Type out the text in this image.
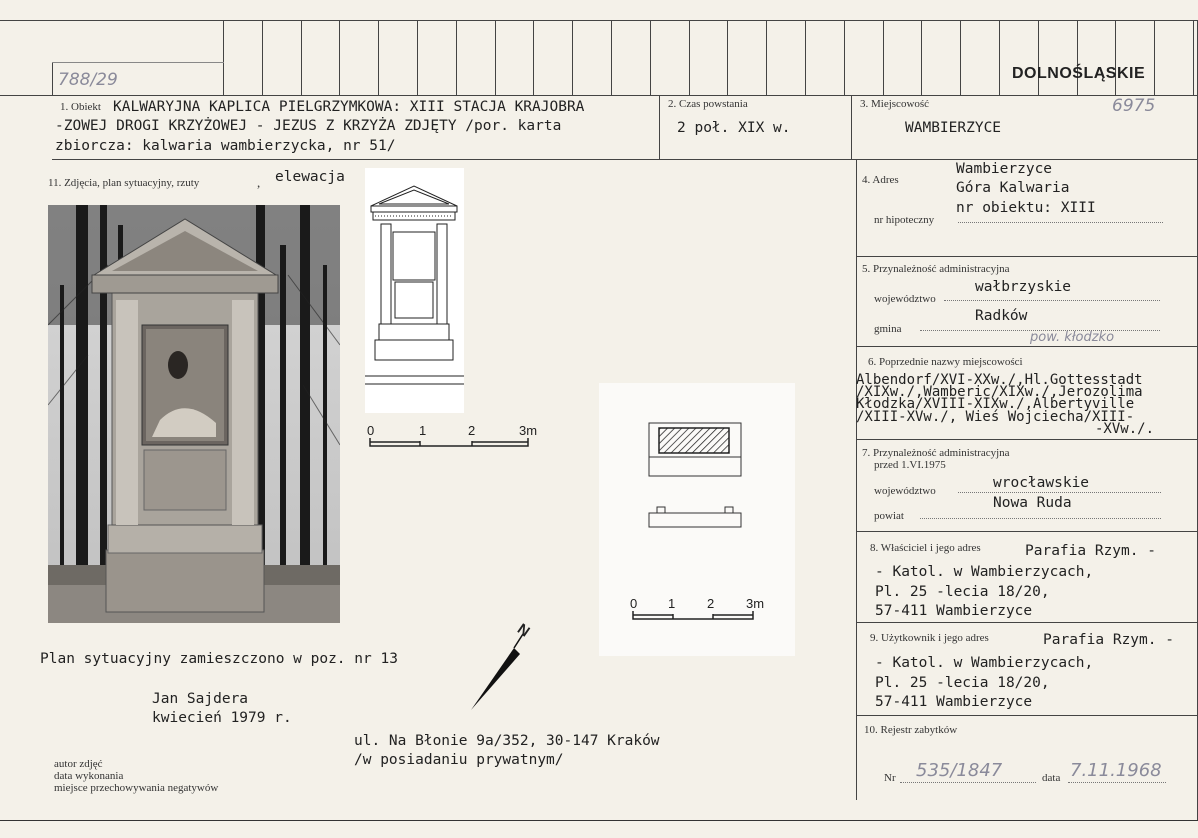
788/29	DOLNOŚLĄSKIE
1. Obiekt KALWARYJNA KAPLICA PIELGRZYMKOWA: XIII STACJA KRAJOBRA
-ZOWEJ DROGI KRZYŻOWEJ - JEZUS Z KRZYŻA ZDJĘTY /por. karta
zbiorcza: kalwaria wambierzycka, nr 51/
2. Czas powstania
2 poł. XIX w.
3. Miejscowość
WAMBIERZYCE
6975
4. Adres
Wambierzyce
Góra Kalwaria
nr obiektu: XIII
nr hipoteczny
5. Przynależność administracyjna
województwo
wałbrzyskie
gmina
Radków
pow. kłodzko
6. Poprzednie nazwy miejscowości
Albendorf/XVI-XXw./,Hl.Gottesstadt
/XIXw./,Wamberic/XIXw./,Jerozolima
Kłodzka/XVIII-XIXw./,Albertyville
/XIII-XVw./, Wieś Wojciecha/XIII-
-XVw./.
7. Przynależność administracyjna
przed 1.VI.1975
województwo	wrocławskie
powiat
Nowa Ruda
8. Właściciel i jego adres	Parafia Rzym. -
- Katol. w Wambierzycach,
Pl. 25 -lecia 18/20,
57-411 Wambierzyce
9. Użytkownik i jego adres	Parafia Rzym. -
- Katol. w Wambierzycach,
Pl. 25 -lecia 18/20,
57-411 Wambierzyce
10. Rejestr zabytków
Nr 535/1847	data 7.11.1968
11. Zdjęcia, plan sytuacyjny, rzuty	, elewacja
0	1	2	3m
0 1 2 3m
N
Plan sytuacyjny zamieszczono w poz. nr 13
Jan Sajdera
kwiecień 1979 r.
ul. Na Błonie 9a/352, 30-147 Kraków
/w posiadaniu prywatnym/
autor zdjęć
data wykonania
miejsce przechowywania negatywów
